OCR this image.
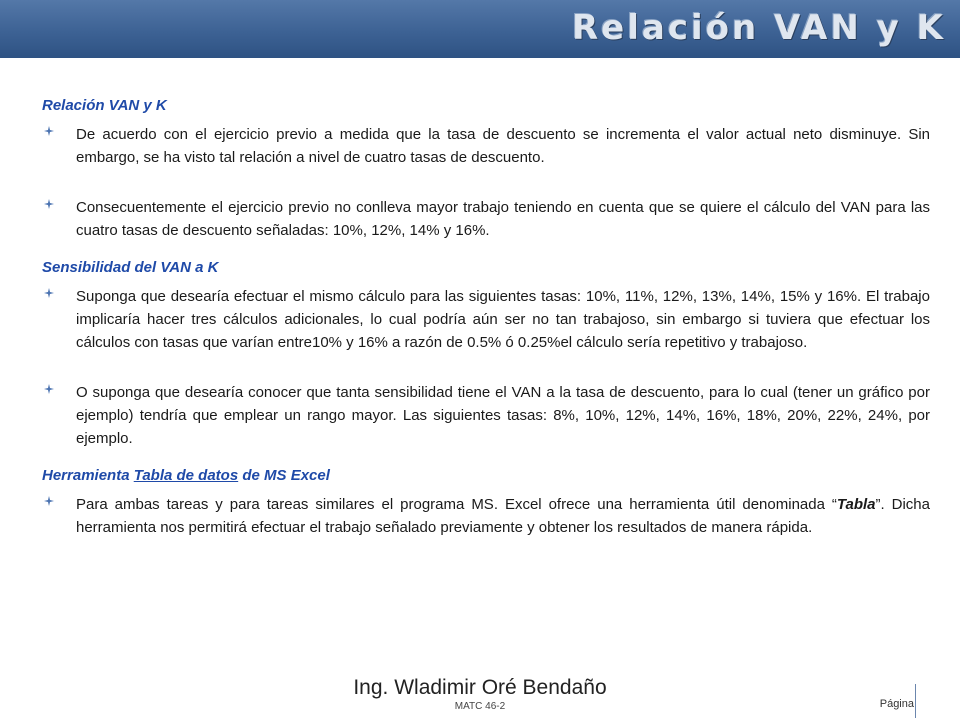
Relación VAN y K
Relación VAN y K

De acuerdo con el ejercicio previo a medida que la tasa de descuento se incrementa el valor actual neto disminuye. Sin embargo, se ha visto tal relación a nivel de cuatro tasas de descuento.

Consecuentemente el ejercicio previo no conlleva mayor trabajo teniendo en cuenta que se quiere el cálculo del VAN para las cuatro tasas de descuento señaladas: 10%, 12%, 14% y 16%.

Sensibilidad del VAN a K

Suponga que desearía efectuar el mismo cálculo para las siguientes tasas: 10%, 11%, 12%, 13%, 14%, 15% y 16%. El trabajo implicaría hacer tres cálculos adicionales, lo cual podría aún ser no tan trabajoso, sin embargo si tuviera que efectuar los cálculos con tasas que varían entre10% y 16% a razón de 0.5% ó 0.25%el cálculo sería repetitivo y trabajoso.

O suponga que desearía conocer que tanta sensibilidad tiene el VAN a la tasa de descuento, para lo cual (tener un gráfico por ejemplo) tendría que emplear un rango mayor. Las siguientes tasas: 8%, 10%, 12%, 14%, 16%, 18%, 20%, 22%, 24%, por ejemplo.

Herramienta Tabla de datos de MS Excel

Para ambas tareas y para tareas similares el programa MS. Excel ofrece una herramienta útil denominada “Tabla”. Dicha herramienta nos permitirá efectuar el trabajo señalado previamente y obtener los resultados de manera rápida.

Ing. Wladimir Oré Bendaño
MATC 46-2	Página
